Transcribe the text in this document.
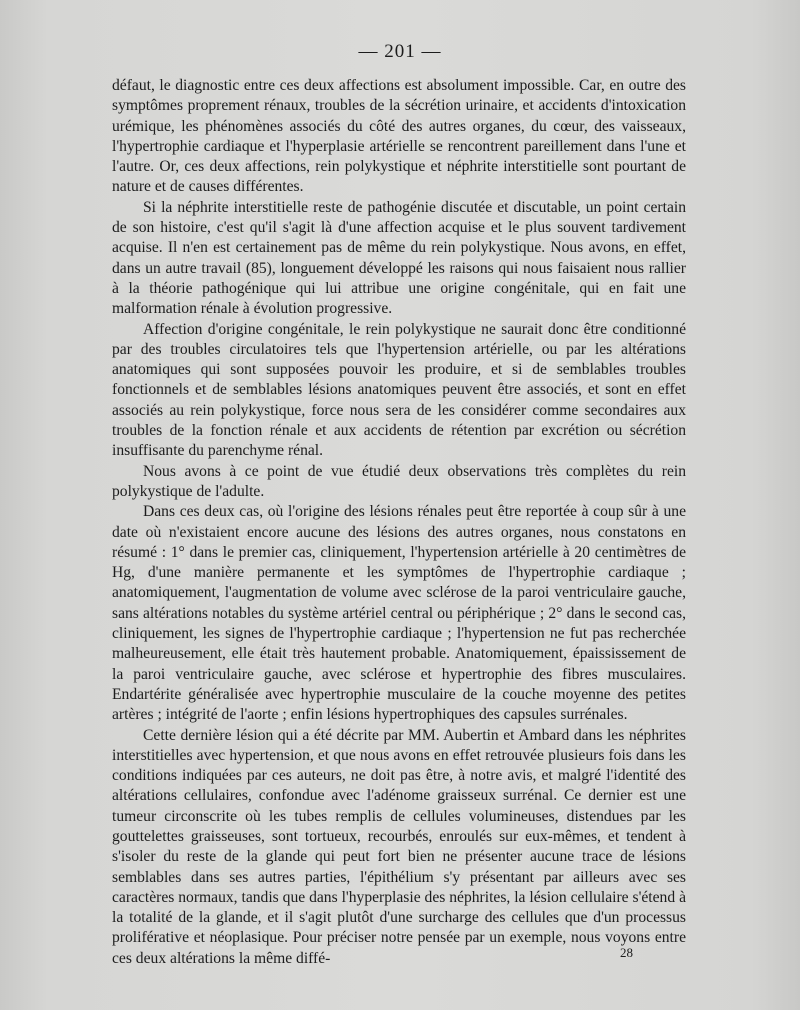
— 201 —

défaut, le diagnostic entre ces deux affections est absolument impossible. Car, en outre des symptômes proprement rénaux, troubles de la sécrétion urinaire, et accidents d'intoxication urémique, les phénomènes associés du côté des autres organes, du cœur, des vaisseaux, l'hypertrophie cardiaque et l'hyperplasie artérielle se rencontrent pareillement dans l'une et l'autre. Or, ces deux affections, rein polykystique et néphrite interstitielle sont pourtant de nature et de causes différentes.

Si la néphrite interstitielle reste de pathogénie discutée et discutable, un point certain de son histoire, c'est qu'il s'agit là d'une affection acquise et le plus souvent tardivement acquise. Il n'en est certainement pas de même du rein polykystique. Nous avons, en effet, dans un autre travail (85), longuement développé les raisons qui nous faisaient nous rallier à la théorie pathogénique qui lui attribue une origine congénitale, qui en fait une malformation rénale à évolution progressive.

Affection d'origine congénitale, le rein polykystique ne saurait donc être conditionné par des troubles circulatoires tels que l'hypertension artérielle, ou par les altérations anatomiques qui sont supposées pouvoir les produire, et si de semblables troubles fonctionnels et de semblables lésions anatomiques peuvent être associés, et sont en effet associés au rein polykystique, force nous sera de les considérer comme secondaires aux troubles de la fonction rénale et aux accidents de rétention par excrétion ou sécrétion insuffisante du parenchyme rénal.

Nous avons à ce point de vue étudié deux observations très complètes du rein polykystique de l'adulte.

Dans ces deux cas, où l'origine des lésions rénales peut être reportée à coup sûr à une date où n'existaient encore aucune des lésions des autres organes, nous constatons en résumé : 1° dans le premier cas, cliniquement, l'hypertension artérielle à 20 centimètres de Hg, d'une manière permanente et les symptômes de l'hypertrophie cardiaque ; anatomiquement, l'augmentation de volume avec sclérose de la paroi ventriculaire gauche, sans altérations notables du système artériel central ou périphérique ; 2° dans le second cas, cliniquement, les signes de l'hypertrophie cardiaque ; l'hypertension ne fut pas recherchée malheureusement, elle était très hautement probable. Anatomiquement, épaississement de la paroi ventriculaire gauche, avec sclérose et hypertrophie des fibres musculaires. Endartérite généralisée avec hypertrophie musculaire de la couche moyenne des petites artères ; intégrité de l'aorte ; enfin lésions hypertrophiques des capsules surrénales.

Cette dernière lésion qui a été décrite par MM. Aubertin et Ambard dans les néphrites interstitielles avec hypertension, et que nous avons en effet retrouvée plusieurs fois dans les conditions indiquées par ces auteurs, ne doit pas être, à notre avis, et malgré l'identité des altérations cellulaires, confondue avec l'adénome graisseux surrénal. Ce dernier est une tumeur circonscrite où les tubes remplis de cellules volumineuses, distendues par les gouttelettes graisseuses, sont tortueux, recourbés, enroulés sur eux-mêmes, et tendent à s'isoler du reste de la glande qui peut fort bien ne présenter aucune trace de lésions semblables dans ses autres parties, l'épithélium s'y présentant par ailleurs avec ses caractères normaux, tandis que dans l'hyperplasie des néphrites, la lésion cellulaire s'étend à la totalité de la glande, et il s'agit plutôt d'une surcharge des cellules que d'un processus proliférative et néoplasique. Pour préciser notre pensée par un exemple, nous voyons entre ces deux altérations la même diffé-	28
